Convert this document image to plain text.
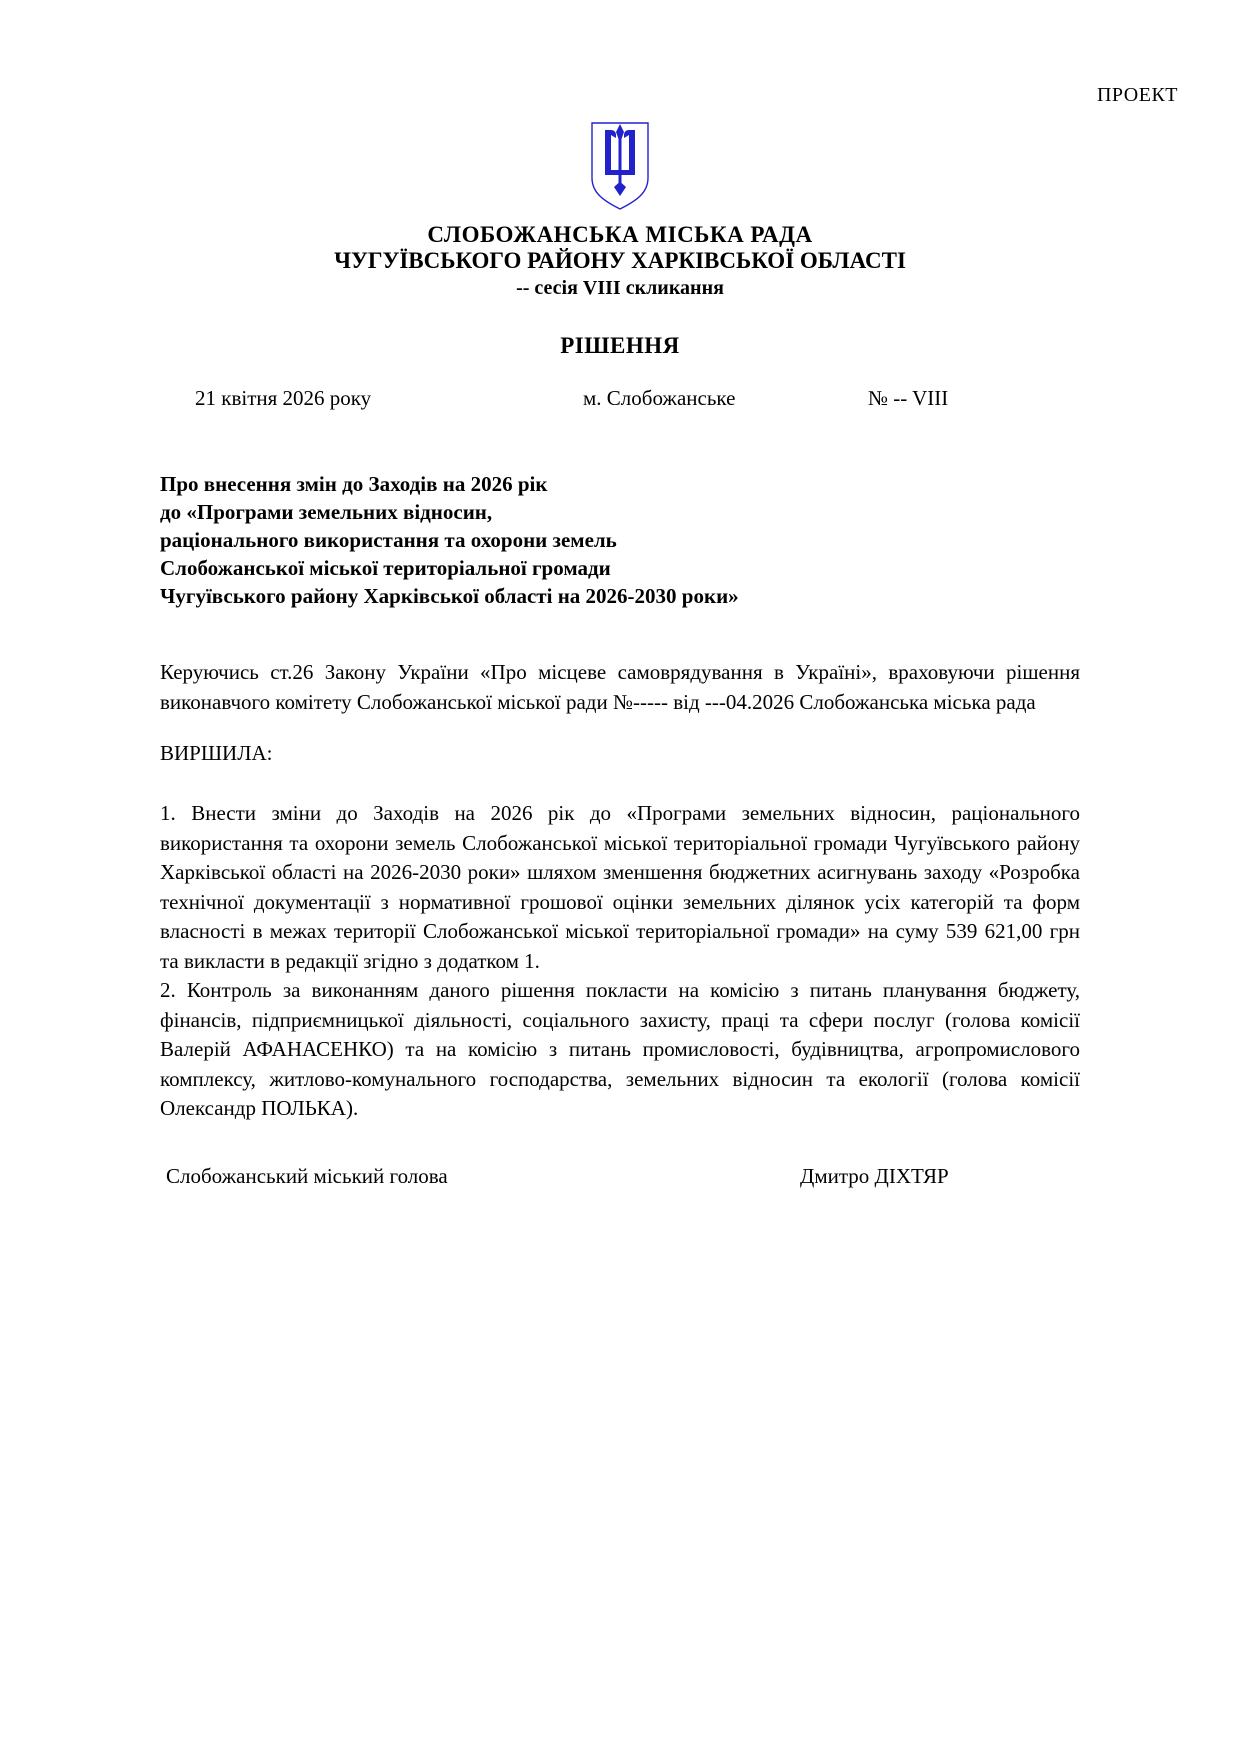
ПРОЕКТ
СЛОБОЖАНСЬКА МІСЬКА РАДА
ЧУГУЇВСЬКОГО РАЙОНУ ХАРКІВСЬКОЇ ОБЛАСТІ
-- сесія VIII скликання
РІШЕННЯ
21 квітня 2026 року	м. Слобожанське	№ -- VIII
Про внесення змін до Заходів на 2026 рік
до «Програми земельних відносин,
раціонального використання та охорони земель
Слобожанської міської територіальної громади
Чугуївського району Харківської області на 2026-2030 роки»
Керуючись ст.26 Закону України «Про місцеве самоврядування в Україні», враховуючи рішення виконавчого комітету Слобожанської міської ради №----- від ---04.2026 Слобожанська міська рада
ВИРШИЛА:

1. Внести зміни до Заходів на 2026 рік до «Програми земельних відносин, раціонального використання та охорони земель Слобожанської міської територіальної громади Чугуївського району Харківської області на 2026-2030 роки» шляхом зменшення бюджетних асигнувань заходу «Розробка технічної документації з нормативної грошової оцінки земельних ділянок усіх категорій та форм власності в межах території Слобожанської міської територіальної громади» на суму 539 621,00 грн та викласти в редакції згідно з додатком 1.

2. Контроль за виконанням даного рішення покласти на комісію з питань планування бюджету, фінансів, підприємницької діяльності, соціального захисту, праці та сфери послуг (голова комісії Валерій АФАНАСЕНКО) та на комісію з питань промисловості, будівництва, агропромислового комплексу, житлово-комунального господарства, земельних відносин та екології (голова комісії Олександр ПОЛЬКА).

Слобожанський міський голова	Дмитро ДІХТЯР
